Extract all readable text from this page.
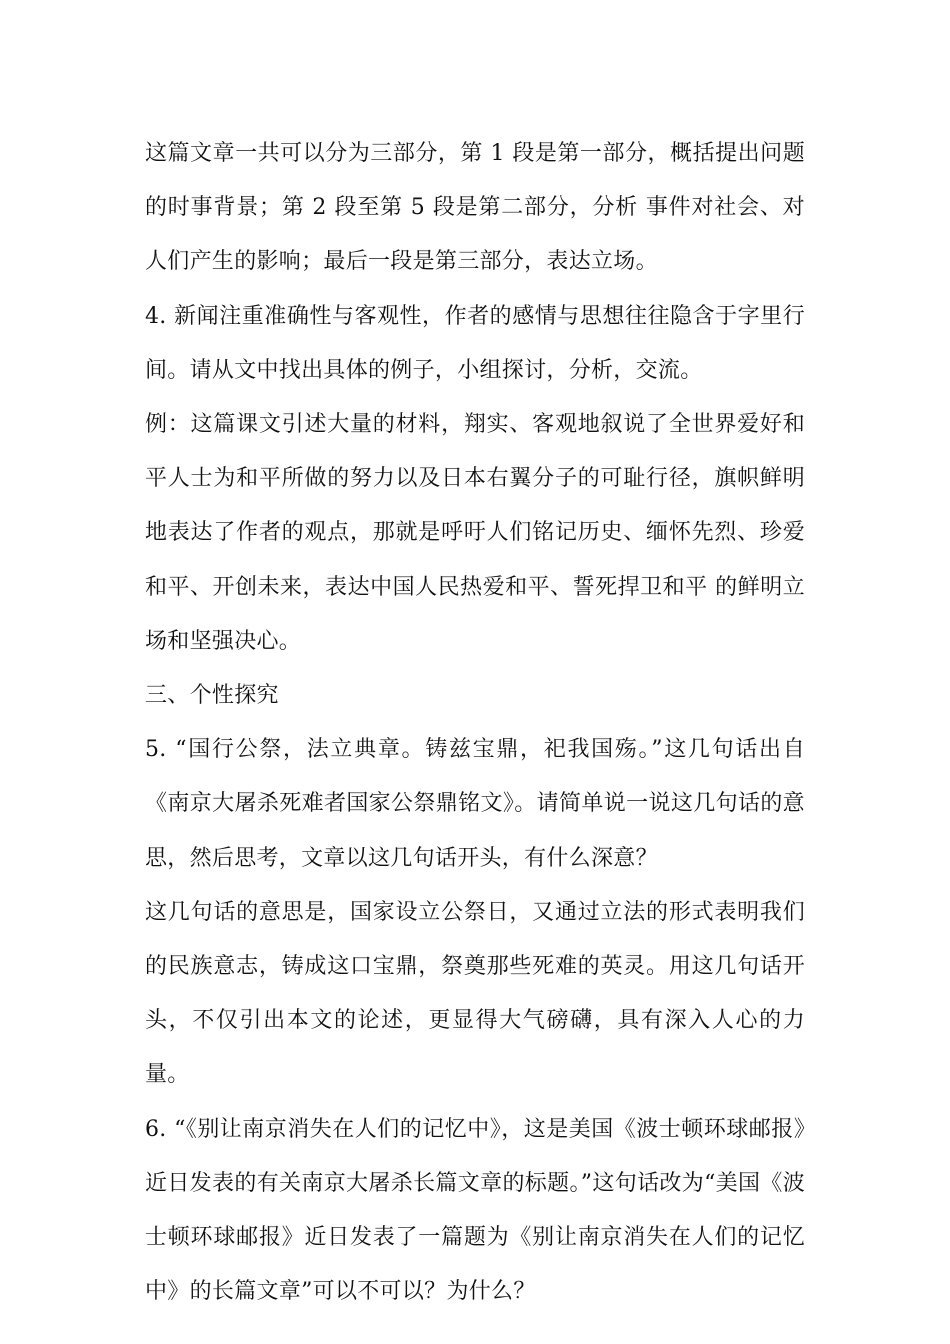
这篇文章一共可以分为三部分，第 1 段是第一部分，概括提出问题的时事背景；第 2 段至第 5 段是第二部分，分析 事件对社会、对人们产生的影响；最后一段是第三部分，表达立场。

4. 新闻注重准确性与客观性，作者的感情与思想往往隐含于字里行间。请从文中找出具体的例子，小组探讨，分析，交流。

例：这篇课文引述大量的材料，翔实、客观地叙说了全世界爱好和平人士为和平所做的努力以及日本右翼分子的可耻行径，旗帜鲜明地表达了作者的观点，那就是呼吁人们铭记历史、缅怀先烈、珍爱和平、开创未来，表达中国人民热爱和平、誓死捍卫和平 的鲜明立场和坚强决心。

三、个性探究

5. “国行公祭，法立典章。铸兹宝鼎，祀我国殇。”这几句话出自《南京大屠杀死难者国家公祭鼎铭文》。请简单说一说这几句话的意思，然后思考，文章以这几句话开头，有什么深意？

这几句话的意思是，国家设立公祭日，又通过立法的形式表明我们的民族意志，铸成这口宝鼎，祭奠那些死难的英灵。用这几句话开头，不仅引出本文的论述，更显得大气磅礴，具有深入人心的力量。

6. “《别让南京消失在人们的记忆中》，这是美国《波士顿环球邮报》近日发表的有关南京大屠杀长篇文章的标题。”这句话改为“美国《波士顿环球邮报》近日发表了一篇题为《别让南京消失在人们的记忆中》的长篇文章”可以不可以？为什么？
